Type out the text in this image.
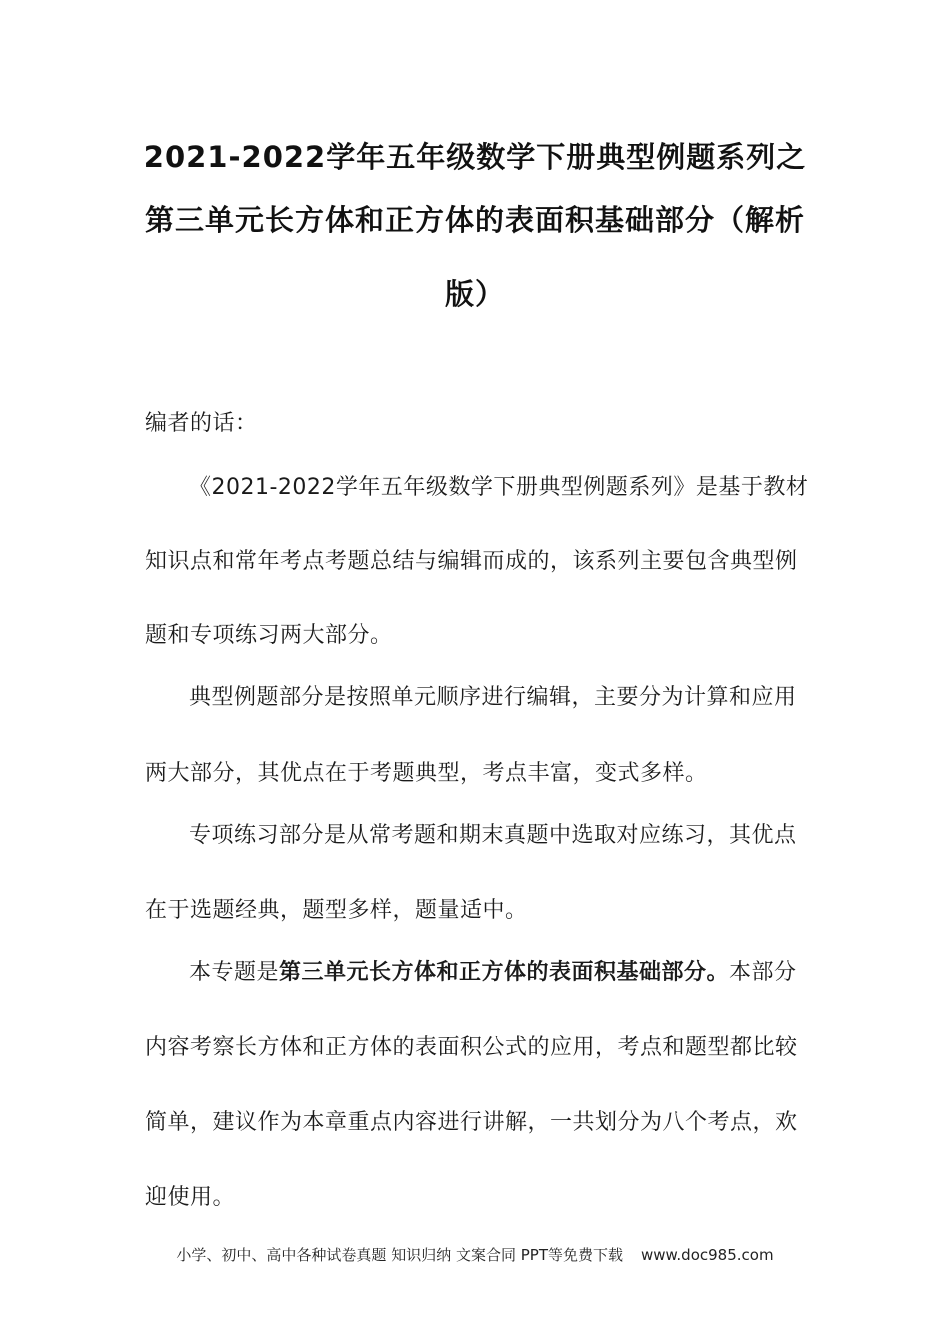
2021-2022学年五年级数学下册典型例题系列之
第三单元长方体和正方体的表面积基础部分（解析
版）
编者的话：
《2021-2022学年五年级数学下册典型例题系列》是基于教材
知识点和常年考点考题总结与编辑而成的，该系列主要包含典型例
题和专项练习两大部分。
典型例题部分是按照单元顺序进行编辑，主要分为计算和应用
两大部分，其优点在于考题典型，考点丰富，变式多样。
专项练习部分是从常考题和期末真题中选取对应练习，其优点
在于选题经典，题型多样，题量适中。
本专题是第三单元长方体和正方体的表面积基础部分。本部分
内容考察长方体和正方体的表面积公式的应用，考点和题型都比较
简单，建议作为本章重点内容进行讲解，一共划分为八个考点，欢
迎使用。
小学、初中、高中各种试卷真题 知识归纳 文案合同 PPT等免费下载 www.doc985.com
